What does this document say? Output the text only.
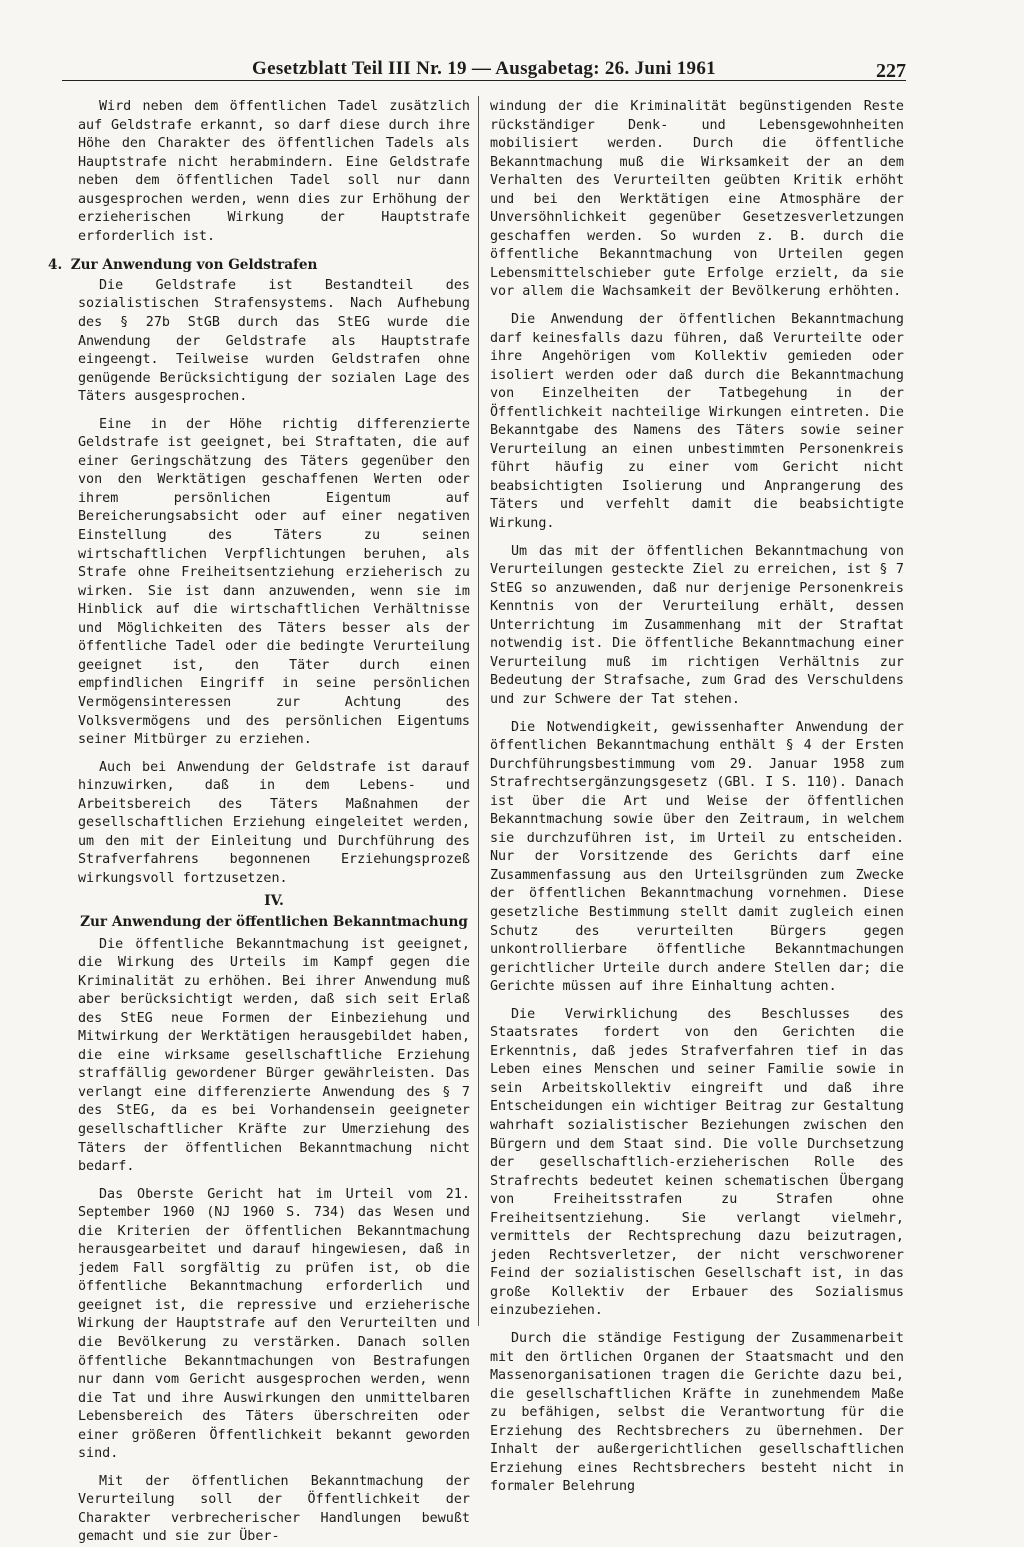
Gesetzblatt Teil III Nr. 19 — Ausgabetag: 26. Juni 1961	227

Wird neben dem öffentlichen Tadel zusätzlich auf Geldstrafe erkannt, so darf diese durch ihre Höhe den Charakter des öffentlichen Tadels als Hauptstrafe nicht herabmindern. Eine Geldstrafe neben dem öffentlichen Tadel soll nur dann ausgesprochen werden, wenn dies zur Erhöhung der erzieherischen Wirkung der Hauptstrafe erforderlich ist.

4. Zur Anwendung von Geldstrafen

Die Geldstrafe ist Bestandteil des sozialistischen Strafensystems. Nach Aufhebung des § 27b StGB durch das StEG wurde die Anwendung der Geldstrafe als Hauptstrafe eingeengt. Teilweise wurden Geldstrafen ohne genügende Berücksichtigung der sozialen Lage des Täters ausgesprochen.

Eine in der Höhe richtig differenzierte Geldstrafe ist geeignet, bei Straftaten, die auf einer Geringschätzung des Täters gegenüber den von den Werktätigen geschaffenen Werten oder ihrem persönlichen Eigentum auf Bereicherungsabsicht oder auf einer negativen Einstellung des Täters zu seinen wirtschaftlichen Verpflichtungen beruhen, als Strafe ohne Freiheitsentziehung erzieherisch zu wirken. Sie ist dann anzuwenden, wenn sie im Hinblick auf die wirtschaftlichen Verhältnisse und Möglichkeiten des Täters besser als der öffentliche Tadel oder die bedingte Verurteilung geeignet ist, den Täter durch einen empfindlichen Eingriff in seine persönlichen Vermögensinteressen zur Achtung des Volksvermögens und des persönlichen Eigentums seiner Mitbürger zu erziehen.

Auch bei Anwendung der Geldstrafe ist darauf hinzuwirken, daß in dem Lebens- und Arbeitsbereich des Täters Maßnahmen der gesellschaftlichen Erziehung eingeleitet werden, um den mit der Einleitung und Durchführung des Strafverfahrens begonnenen Erziehungsprozeß wirkungsvoll fortzusetzen.

IV.
Zur Anwendung der öffentlichen Bekanntmachung

Die öffentliche Bekanntmachung ist geeignet, die Wirkung des Urteils im Kampf gegen die Kriminalität zu erhöhen. Bei ihrer Anwendung muß aber berücksichtigt werden, daß sich seit Erlaß des StEG neue Formen der Einbeziehung und Mitwirkung der Werktätigen herausgebildet haben, die eine wirksame gesellschaftliche Erziehung straffällig gewordener Bürger gewährleisten. Das verlangt eine differenzierte Anwendung des § 7 des StEG, da es bei Vorhandensein geeigneter gesellschaftlicher Kräfte zur Umerziehung des Täters der öffentlichen Bekanntmachung nicht bedarf.

Das Oberste Gericht hat im Urteil vom 21. September 1960 (NJ 1960 S. 734) das Wesen und die Kriterien der öffentlichen Bekanntmachung herausgearbeitet und darauf hingewiesen, daß in jedem Fall sorgfältig zu prüfen ist, ob die öffentliche Bekanntmachung erforderlich und geeignet ist, die repressive und erzieherische Wirkung der Hauptstrafe auf den Verurteilten und die Bevölkerung zu verstärken. Danach sollen öffentliche Bekanntmachungen von Bestrafungen nur dann vom Gericht ausgesprochen werden, wenn die Tat und ihre Auswirkungen den unmittelbaren Lebensbereich des Täters überschreiten oder einer größeren Öffentlichkeit bekannt geworden sind.

Mit der öffentlichen Bekanntmachung der Verurteilung soll der Öffentlichkeit der Charakter verbrecherischer Handlungen bewußt gemacht und sie zur Über-

windung der die Kriminalität begünstigenden Reste rückständiger Denk- und Lebensgewohnheiten mobilisiert werden. Durch die öffentliche Bekanntmachung muß die Wirksamkeit der an dem Verhalten des Verurteilten geübten Kritik erhöht und bei den Werktätigen eine Atmosphäre der Unversöhnlichkeit gegenüber Gesetzesverletzungen geschaffen werden. So wurden z. B. durch die öffentliche Bekanntmachung von Urteilen gegen Lebensmittelschieber gute Erfolge erzielt, da sie vor allem die Wachsamkeit der Bevölkerung erhöhten.

Die Anwendung der öffentlichen Bekanntmachung darf keinesfalls dazu führen, daß Verurteilte oder ihre Angehörigen vom Kollektiv gemieden oder isoliert werden oder daß durch die Bekanntmachung von Einzelheiten der Tatbegehung in der Öffentlichkeit nachteilige Wirkungen eintreten. Die Bekanntgabe des Namens des Täters sowie seiner Verurteilung an einen unbestimmten Personenkreis führt häufig zu einer vom Gericht nicht beabsichtigten Isolierung und Anprangerung des Täters und verfehlt damit die beabsichtigte Wirkung.

Um das mit der öffentlichen Bekanntmachung von Verurteilungen gesteckte Ziel zu erreichen, ist § 7 StEG so anzuwenden, daß nur derjenige Personenkreis Kenntnis von der Verurteilung erhält, dessen Unterrichtung im Zusammenhang mit der Straftat notwendig ist. Die öffentliche Bekanntmachung einer Verurteilung muß im richtigen Verhältnis zur Bedeutung der Strafsache, zum Grad des Verschuldens und zur Schwere der Tat stehen.

Die Notwendigkeit, gewissenhafter Anwendung der öffentlichen Bekanntmachung enthält § 4 der Ersten Durchführungsbestimmung vom 29. Januar 1958 zum Strafrechtsergänzungsgesetz (GBl. I S. 110). Danach ist über die Art und Weise der öffentlichen Bekanntmachung sowie über den Zeitraum, in welchem sie durchzuführen ist, im Urteil zu entscheiden. Nur der Vorsitzende des Gerichts darf eine Zusammenfassung aus den Urteilsgründen zum Zwecke der öffentlichen Bekanntmachung vornehmen. Diese gesetzliche Bestimmung stellt damit zugleich einen Schutz des verurteilten Bürgers gegen unkontrollierbare öffentliche Bekanntmachungen gerichtlicher Urteile durch andere Stellen dar; die Gerichte müssen auf ihre Einhaltung achten.

Die Verwirklichung des Beschlusses des Staatsrates fordert von den Gerichten die Erkenntnis, daß jedes Strafverfahren tief in das Leben eines Menschen und seiner Familie sowie in sein Arbeitskollektiv eingreift und daß ihre Entscheidungen ein wichtiger Beitrag zur Gestaltung wahrhaft sozialistischer Beziehungen zwischen den Bürgern und dem Staat sind. Die volle Durchsetzung der gesellschaftlich-erzieherischen Rolle des Strafrechts bedeutet keinen schematischen Übergang von Freiheitsstrafen zu Strafen ohne Freiheitsentziehung. Sie verlangt vielmehr, vermittels der Rechtsprechung dazu beizutragen, jeden Rechtsverletzer, der nicht verschworener Feind der sozialistischen Gesellschaft ist, in das große Kollektiv der Erbauer des Sozialismus einzubeziehen.

Durch die ständige Festigung der Zusammenarbeit mit den örtlichen Organen der Staatsmacht und den Massenorganisationen tragen die Gerichte dazu bei, die gesellschaftlichen Kräfte in zunehmendem Maße zu befähigen, selbst die Verantwortung für die Erziehung des Rechtsbrechers zu übernehmen. Der Inhalt der außergerichtlichen gesellschaftlichen Erziehung eines Rechtsbrechers besteht nicht in formaler Belehrung
